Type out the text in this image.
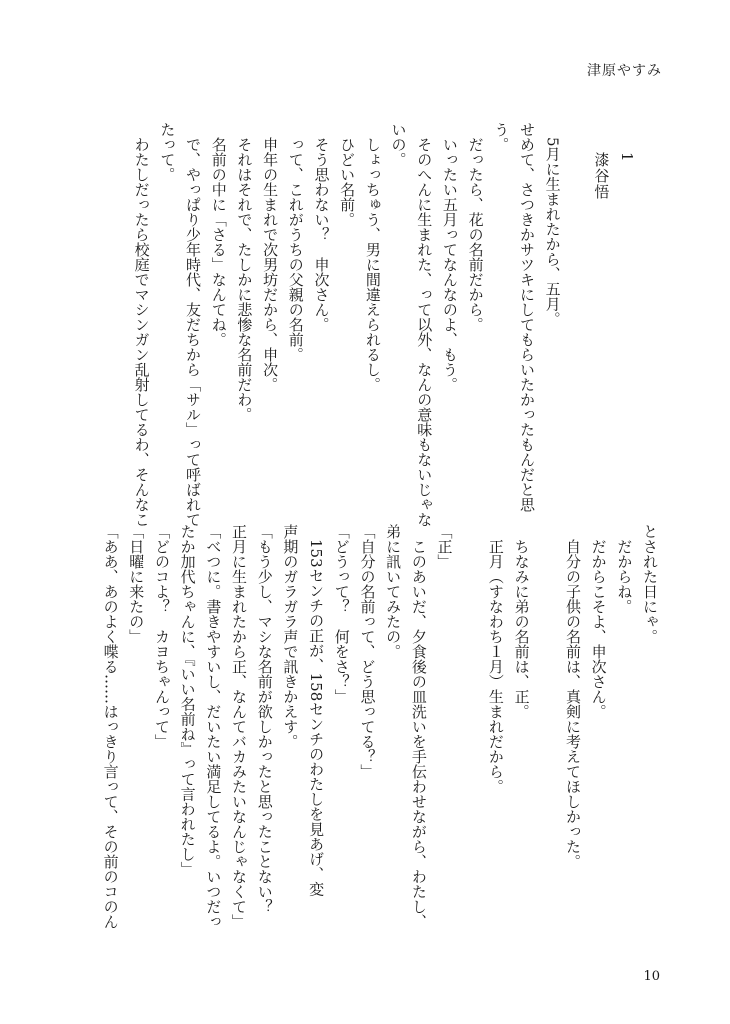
津原やすみ
1
漆谷悟
　5月に生まれたから、五月。
せめて、さつきかサツキにしてもらいたかったもんだと思
う。
　だったら、花の名前だから。
　いったい五月ってなんなのよ、もう。
　そのへんに生まれた、って以外、なんの意味もないじゃな
いの。
　しょっちゅう、男に間違えられるし。
　ひどい名前。
　そう思わない？　申次さん。
　って、これがうちの父親の名前。
　申年の生まれで次男坊だから、申次。
　それはそれで、たしかに悲惨な名前だわ。
　名前の中に「さる」なんてね。
　で、やっぱり少年時代、友だちから「サル」って呼ばれて
たって。
　わたしだったら校庭でマシンガン乱射してるわ、そんなこ
とされた日にゃ。
　だからね。
　だからこそよ、申次さん。
　自分の子供の名前は、真剣に考えてほしかった。
　ちなみに弟の名前は、正。
　正月（すなわち１月）生まれだから。
「正」
　このあいだ、夕食後の皿洗いを手伝わせながら、わたし、
弟に訊いてみたの。
「自分の名前って、どう思ってる？」
「どうって？　何をさ？」
　153センチの正が、158センチのわたしを見あげ、変
声期のガラガラ声で訊きかえす。
「もう少し、マシな名前が欲しかったと思ったことない？
正月に生まれたから正、なんてバカみたいなんじゃなくて」
「べつに。書きやすいし、だいたい満足してるよ。いつだっ
たか加代ちゃんに、『いい名前ね』って言われたし」
「どのコよ？　カヨちゃんって」
「日曜に来たの」
「ああ、あのよく喋る……はっきり言って、その前のコのん
10
